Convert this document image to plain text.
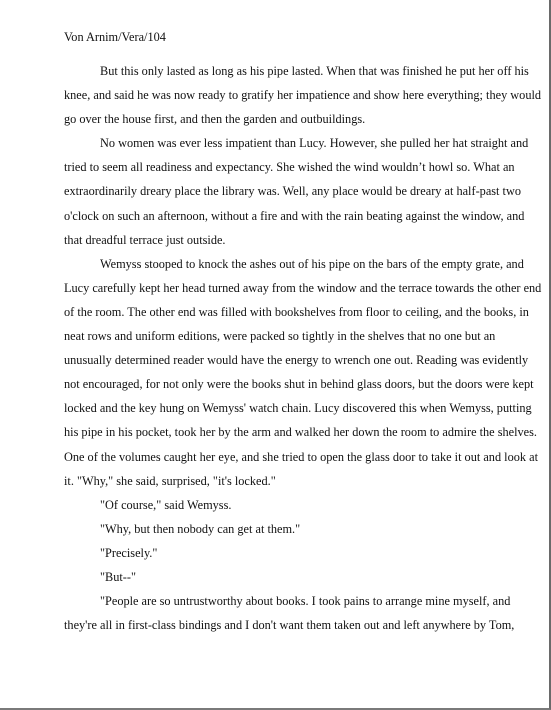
Von Arnim/Vera/104
But this only lasted as long as his pipe lasted. When that was finished he put her off his
knee, and said he was now ready to gratify her impatience and show here everything; they would
go over the house first, and then the garden and outbuildings.
No women was ever less impatient than Lucy. However, she pulled her hat straight and
tried to seem all readiness and expectancy. She wished the wind wouldn’t howl so. What an
extraordinarily dreary place the library was. Well, any place would be dreary at half-past two
o'clock on such an afternoon, without a fire and with the rain beating against the window, and
that dreadful terrace just outside.
Wemyss stooped to knock the ashes out of his pipe on the bars of the empty grate, and
Lucy carefully kept her head turned away from the window and the terrace towards the other end
of the room. The other end was filled with bookshelves from floor to ceiling, and the books, in
neat rows and uniform editions, were packed so tightly in the shelves that no one but an
unusually determined reader would have the energy to wrench one out. Reading was evidently
not encouraged, for not only were the books shut in behind glass doors, but the doors were kept
locked and the key hung on Wemyss' watch chain. Lucy discovered this when Wemyss, putting
his pipe in his pocket, took her by the arm and walked her down the room to admire the shelves.
One of the volumes caught her eye, and she tried to open the glass door to take it out and look at
it. "Why," she said, surprised, "it's locked."
"Of course," said Wemyss.
"Why, but then nobody can get at them."
"Precisely."
"But--"
"People are so untrustworthy about books. I took pains to arrange mine myself, and
they're all in first-class bindings and I don't want them taken out and left anywhere by Tom,
